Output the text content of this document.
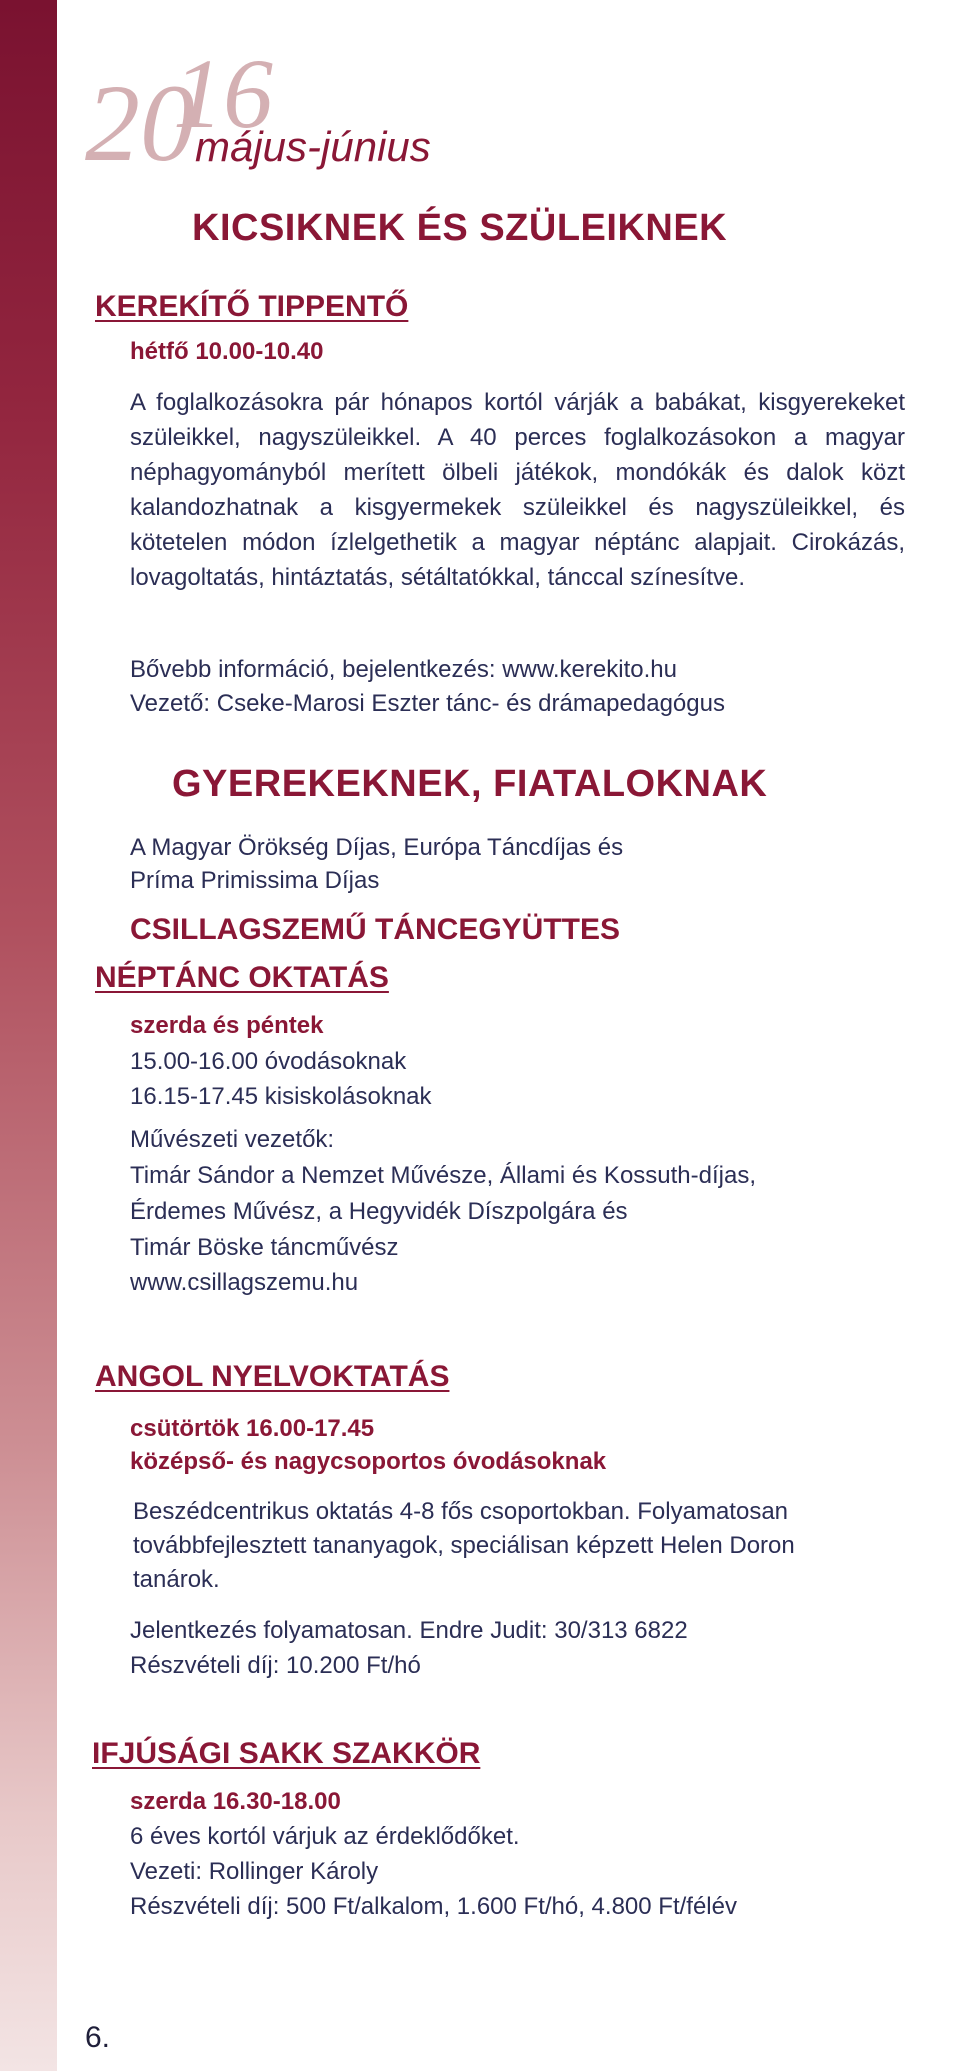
20
16
május-június
KICSIKNEK ÉS SZÜLEIKNEK
KEREKÍTŐ TIPPENTŐ
hétfő 10.00-10.40

A foglalkozásokra pár hónapos kortól várják a babákat, kisgyerekeket szüleikkel, nagyszüleikkel. A 40 perces foglalkozásokon a magyar néphagyományból merített ölbeli játékok, mondókák és dalok közt kalandozhatnak a kisgyermekek szüleikkel és nagyszüleikkel, és kötetelen módon ízlelgethetik a magyar néptánc alapjait. Cirokázás, lovagoltatás, hintáztatás, sétáltatókkal, tánccal színesítve.

Bővebb információ, bejelentkezés: www.kerekito.hu
Vezető: Cseke-Marosi Eszter tánc- és drámapedagógus
GYEREKEKNEK, FIATALOKNAK
A Magyar Örökség Díjas, Európa Táncdíjas és
Príma Primissima Díjas
CSILLAGSZEMŰ TÁNCEGYÜTTES
NÉPTÁNC OKTATÁS
szerda és péntek
15.00-16.00 óvodásoknak
16.15-17.45 kisiskolásoknak
Művészeti vezetők:
Timár Sándor a Nemzet Művésze, Állami és Kossuth-díjas,
Érdemes Művész, a Hegyvidék Díszpolgára és
Timár Böske táncművész
www.csillagszemu.hu
ANGOL NYELVOKTATÁS
csütörtök 16.00-17.45
középső- és nagycsoportos óvodásoknak
Beszédcentrikus oktatás 4-8 fős csoportokban. Folyamatosan
továbbfejlesztett tananyagok, speciálisan képzett Helen Doron
tanárok.
Jelentkezés folyamatosan. Endre Judit: 30/313 6822
Részvételi díj: 10.200 Ft/hó
IFJÚSÁGI SAKK SZAKKÖR
szerda 16.30-18.00
6 éves kortól várjuk az érdeklődőket.
Vezeti: Rollinger Károly
Részvételi díj: 500 Ft/alkalom, 1.600 Ft/hó, 4.800 Ft/félév
6.
